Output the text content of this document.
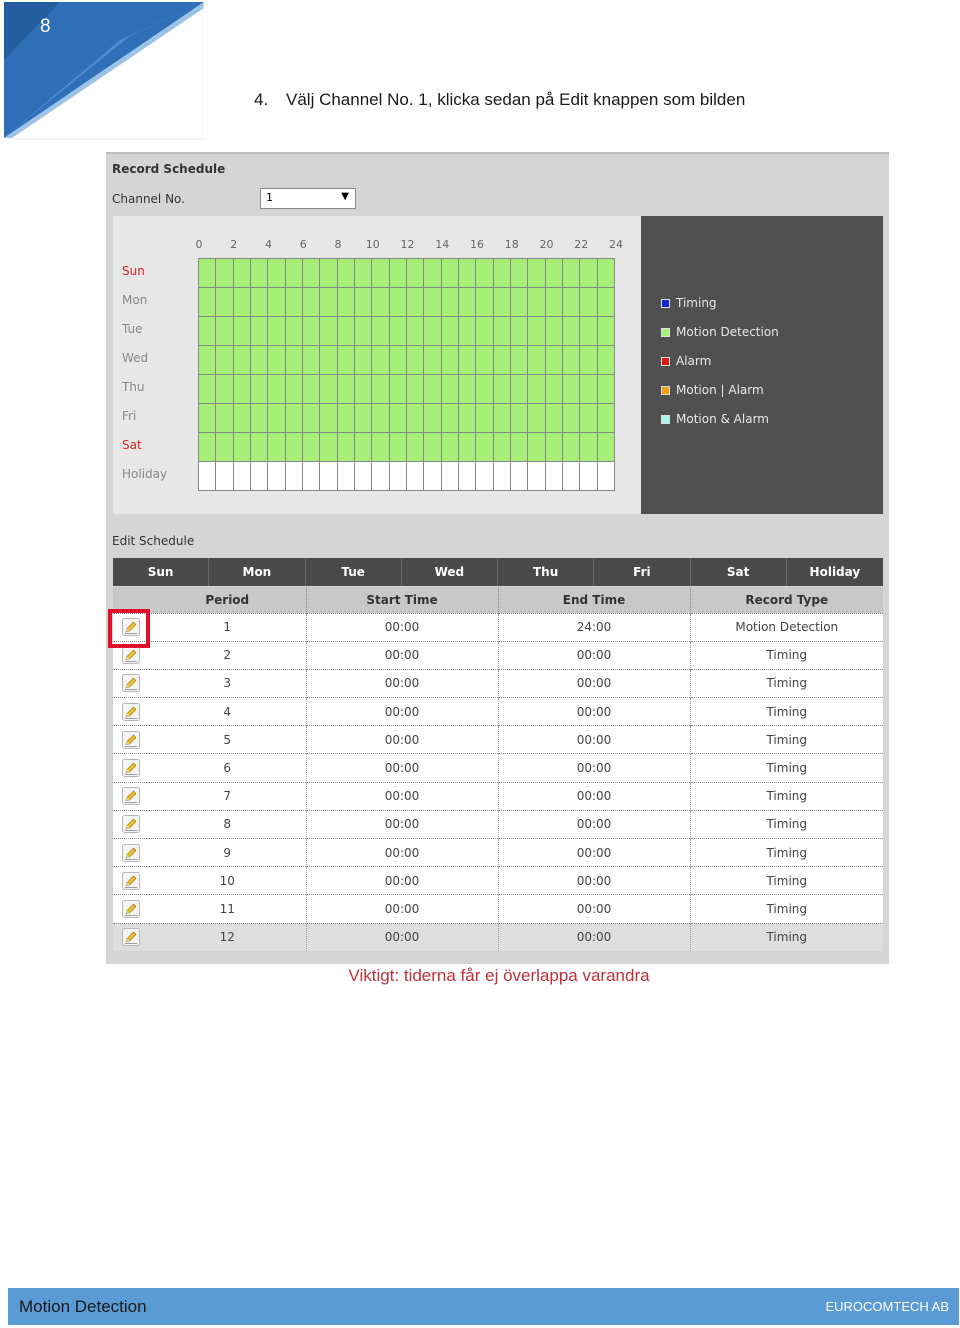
8
4. Välj Channel No. 1, klicka sedan på Edit knappen som bilden
Record Schedule
Channel No.	1	▼
0	2	4	6	8 10 12 14 16 18 20 22 24
Sun
Mon
Tue
Wed
Thu
Fri
Sat
Holiday
Timing
Motion Detection
Alarm
Motion | Alarm
Motion & Alarm
Edit Schedule
Sun	Mon	Tue	Wed	Thu	Fri	Sat	Holiday
	Period	Start Time	End Time	Record Type
	1	00:00	24:00	Motion Detection
	2	00:00	00:00	Timing
	3	00:00	00:00	Timing
	4	00:00	00:00	Timing
	5	00:00	00:00	Timing
	6	00:00	00:00	Timing
	7	00:00	00:00	Timing
	8	00:00	00:00	Timing
	9	00:00	00:00	Timing
	10	00:00	00:00	Timing
	11	00:00	00:00	Timing
	12	00:00	00:00	Timing
Viktigt: tiderna får ej överlappa varandra
Motion Detection	EUROCOMTECH AB
